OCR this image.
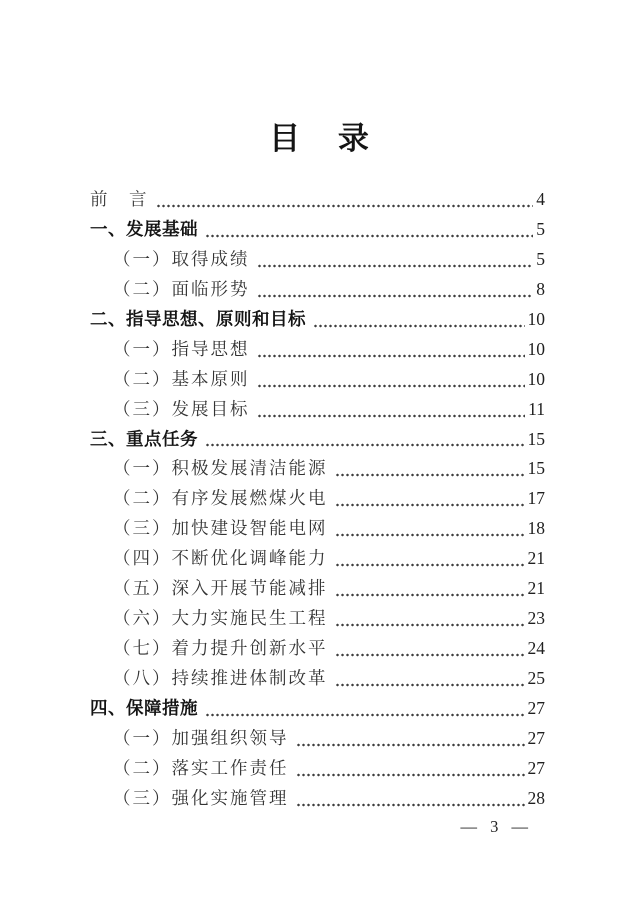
目 录
前　言	4
一、发展基础	5
（一）取得成绩	5
（二）面临形势	8
二、指导思想、原则和目标	10
（一）指导思想	10
（二）基本原则	10
（三）发展目标	11
三、重点任务	15
（一）积极发展清洁能源	15
（二）有序发展燃煤火电	17
（三）加快建设智能电网	18
（四）不断优化调峰能力	21
（五）深入开展节能减排	21
（六）大力实施民生工程	23
（七）着力提升创新水平	24
（八）持续推进体制改革	25
四、保障措施	27
（一）加强组织领导	27
（二）落实工作责任	27
（三）强化实施管理	28
— 3 —
